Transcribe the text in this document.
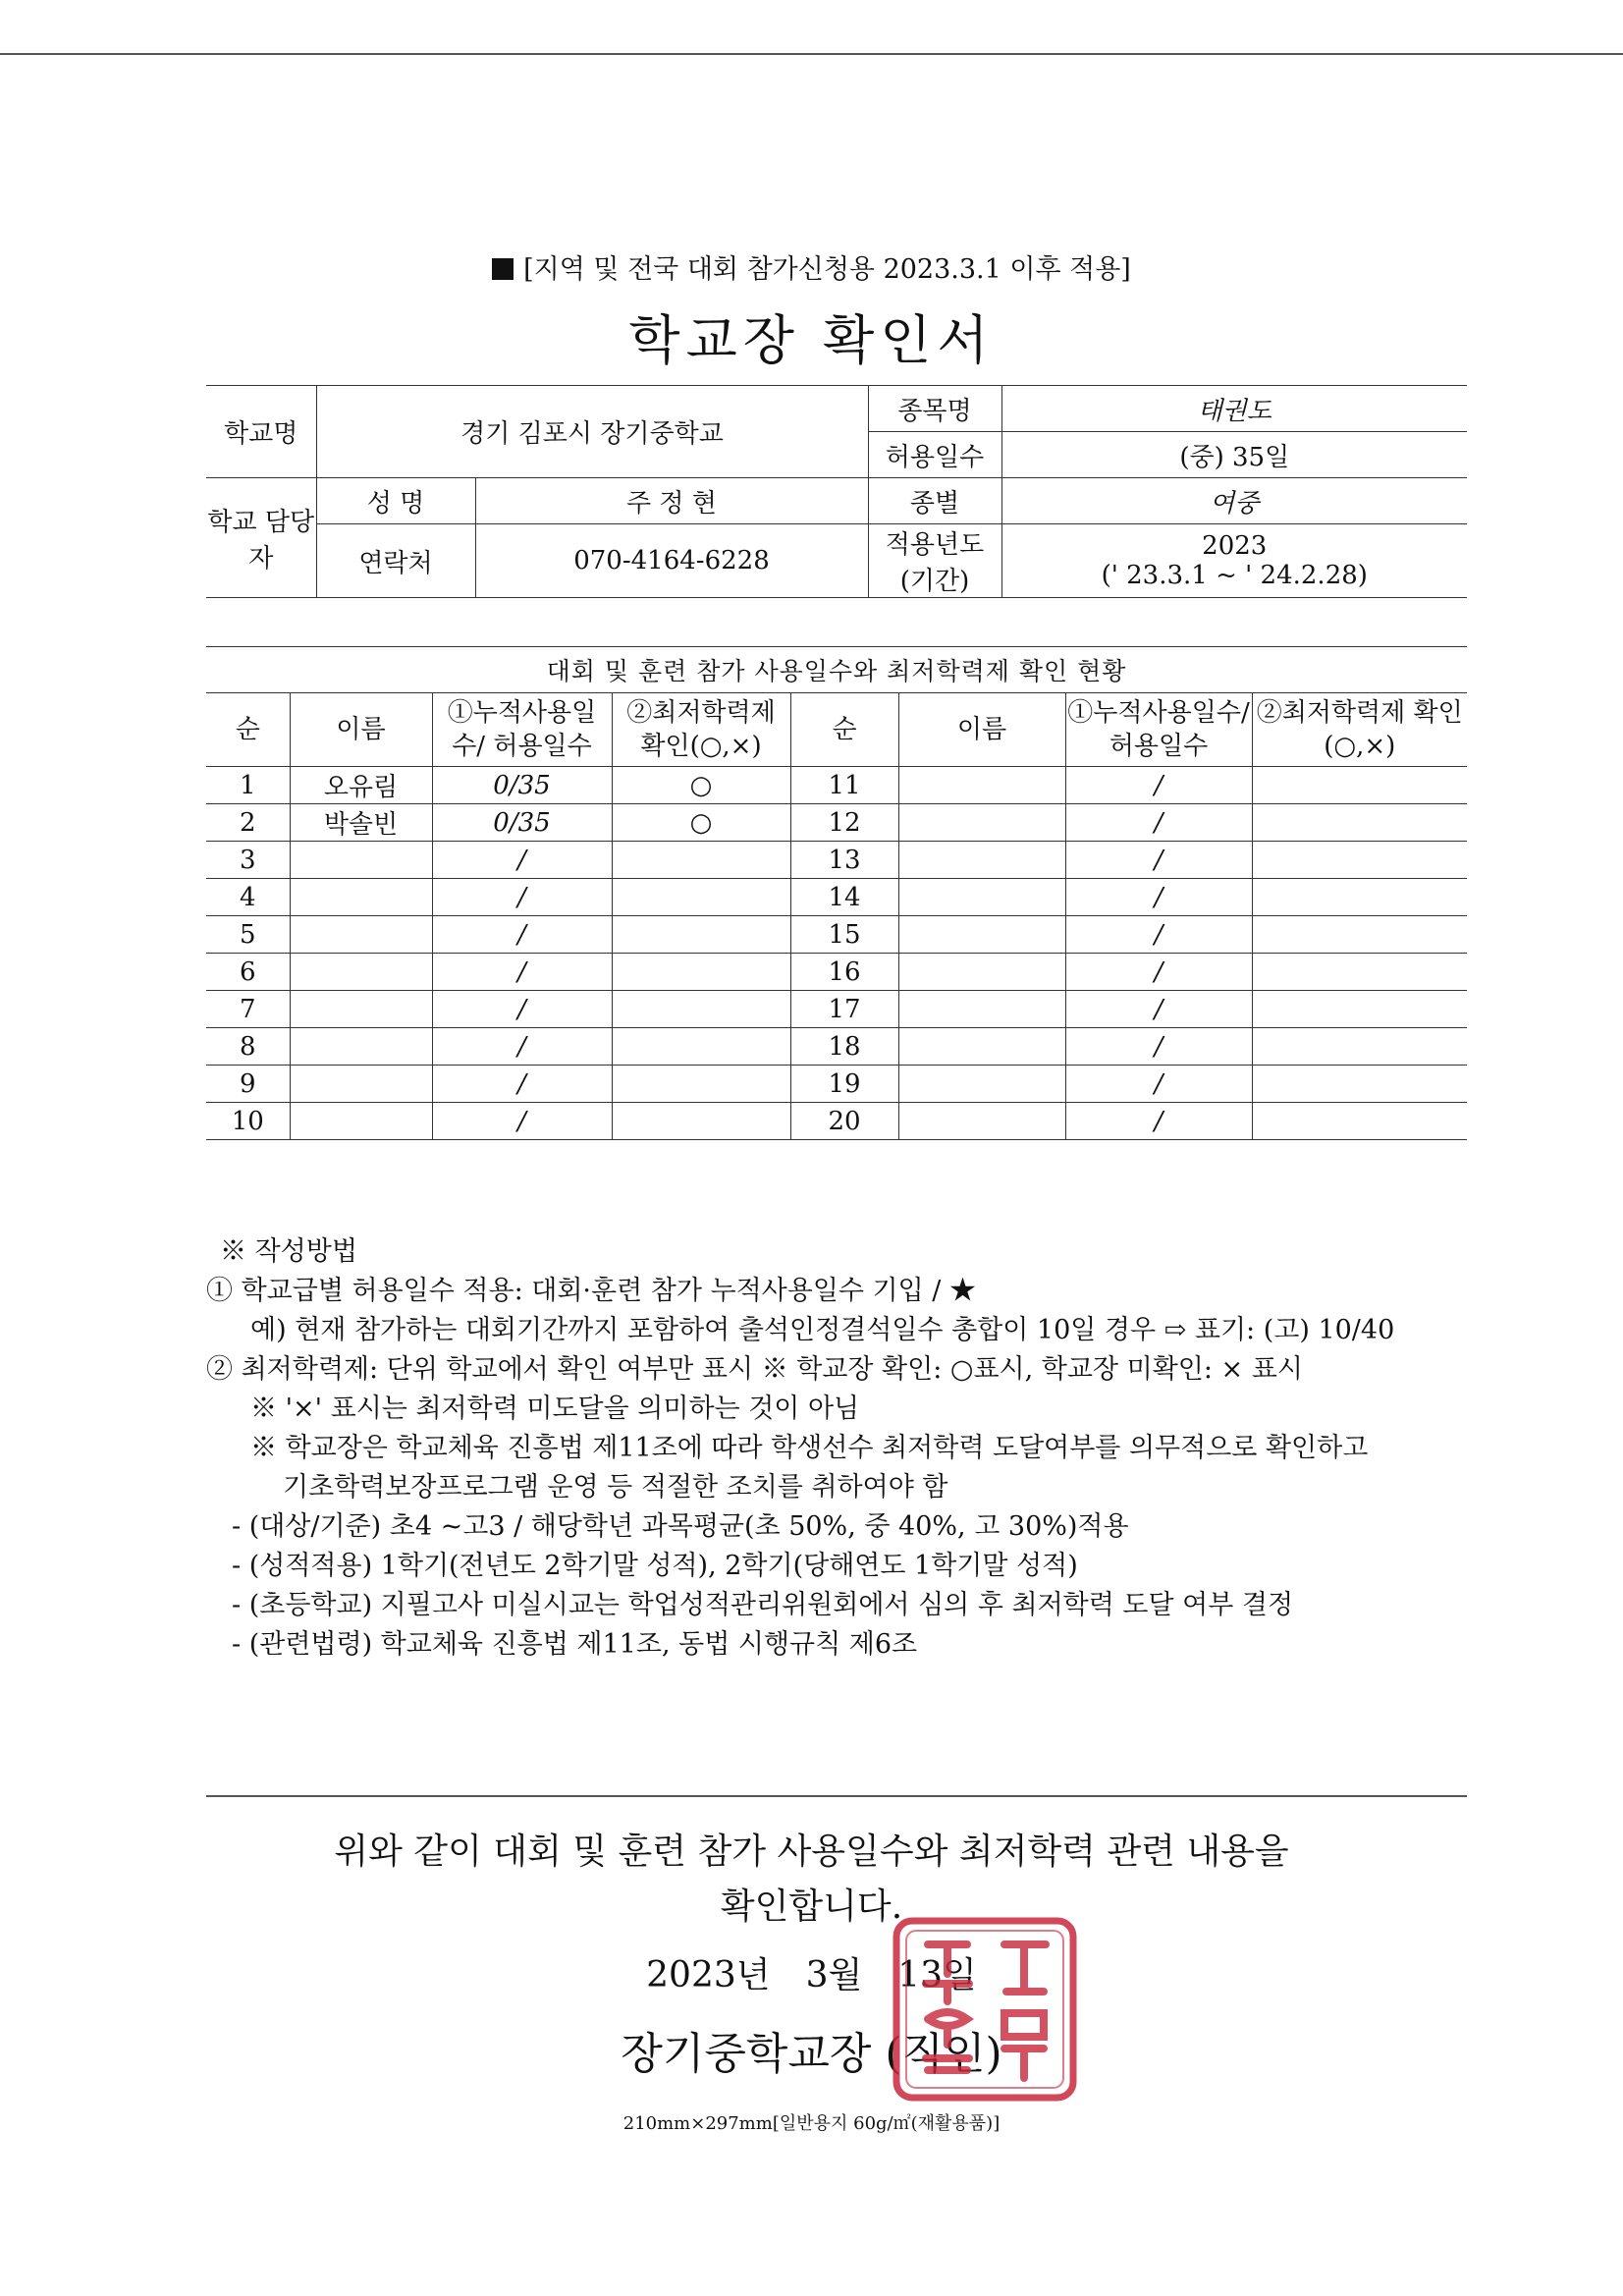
[지역 및 전국 대회 참가신청용 2023.3.1 이후 적용]
학교장 확인서
학교명	경기 김포시 장기중학교		종목명	태권도
			허용일수	(중) 35일
학교 담당자	성 명	주 정 현	종별	여중
	연락처	070-4164-6228	적용년도 (기간)	2023
(' 23.3.1 ~ ' 24.2.28)
대회 및 훈련 참가 사용일수와 최저학력제 확인 현황							
순	이름	①누적사용일수/ 허용일수	②최저학력제 확인(○,×)	순	이름	①누적사용일수/ 허용일수	②최저학력제 확인(○,×)
1	오유림	0/35	○	11		/	
2	박솔빈	0/35	○	12		/	
3		/		13		/	
4		/		14		/	
5		/		15		/	
6		/		16		/	
7		/		17		/	
8		/		18		/	
9		/		19		/	
10		/		20		/	
※ 작성방법
① 학교급별 허용일수 적용: 대회·훈련 참가 누적사용일수 기입 / ★
예) 현재 참가하는 대회기간까지 포함하여 출석인정결석일수 총합이 10일 경우 ⇨ 표기: (고) 10/40
② 최저학력제: 단위 학교에서 확인 여부만 표시 ※ 학교장 확인: ○표시, 학교장 미확인: × 표시
※ '×' 표시는 최저학력 미도달을 의미하는 것이 아님
※ 학교장은 학교체육 진흥법 제11조에 따라 학생선수 최저학력 도달여부를 의무적으로 확인하고
기초학력보장프로그램 운영 등 적절한 조치를 취하여야 함
- (대상/기준) 초4 ~고3 / 해당학년 과목평균(초 50%, 중 40%, 고 30%)적용
- (성적적용) 1학기(전년도 2학기말 성적), 2학기(당해연도 1학기말 성적)
- (초등학교) 지필고사 미실시교는 학업성적관리위원회에서 심의 후 최저학력 도달 여부 결정
- (관련법령) 학교체육 진흥법 제11조, 동법 시행규칙 제6조
위와 같이 대회 및 훈련 참가 사용일수와 최저학력 관련 내용을
확인합니다.
2023년 3월 13일
장기중학교장 (직인)
210mm×297mm[일반용지 60g/㎡(재활용품)]
